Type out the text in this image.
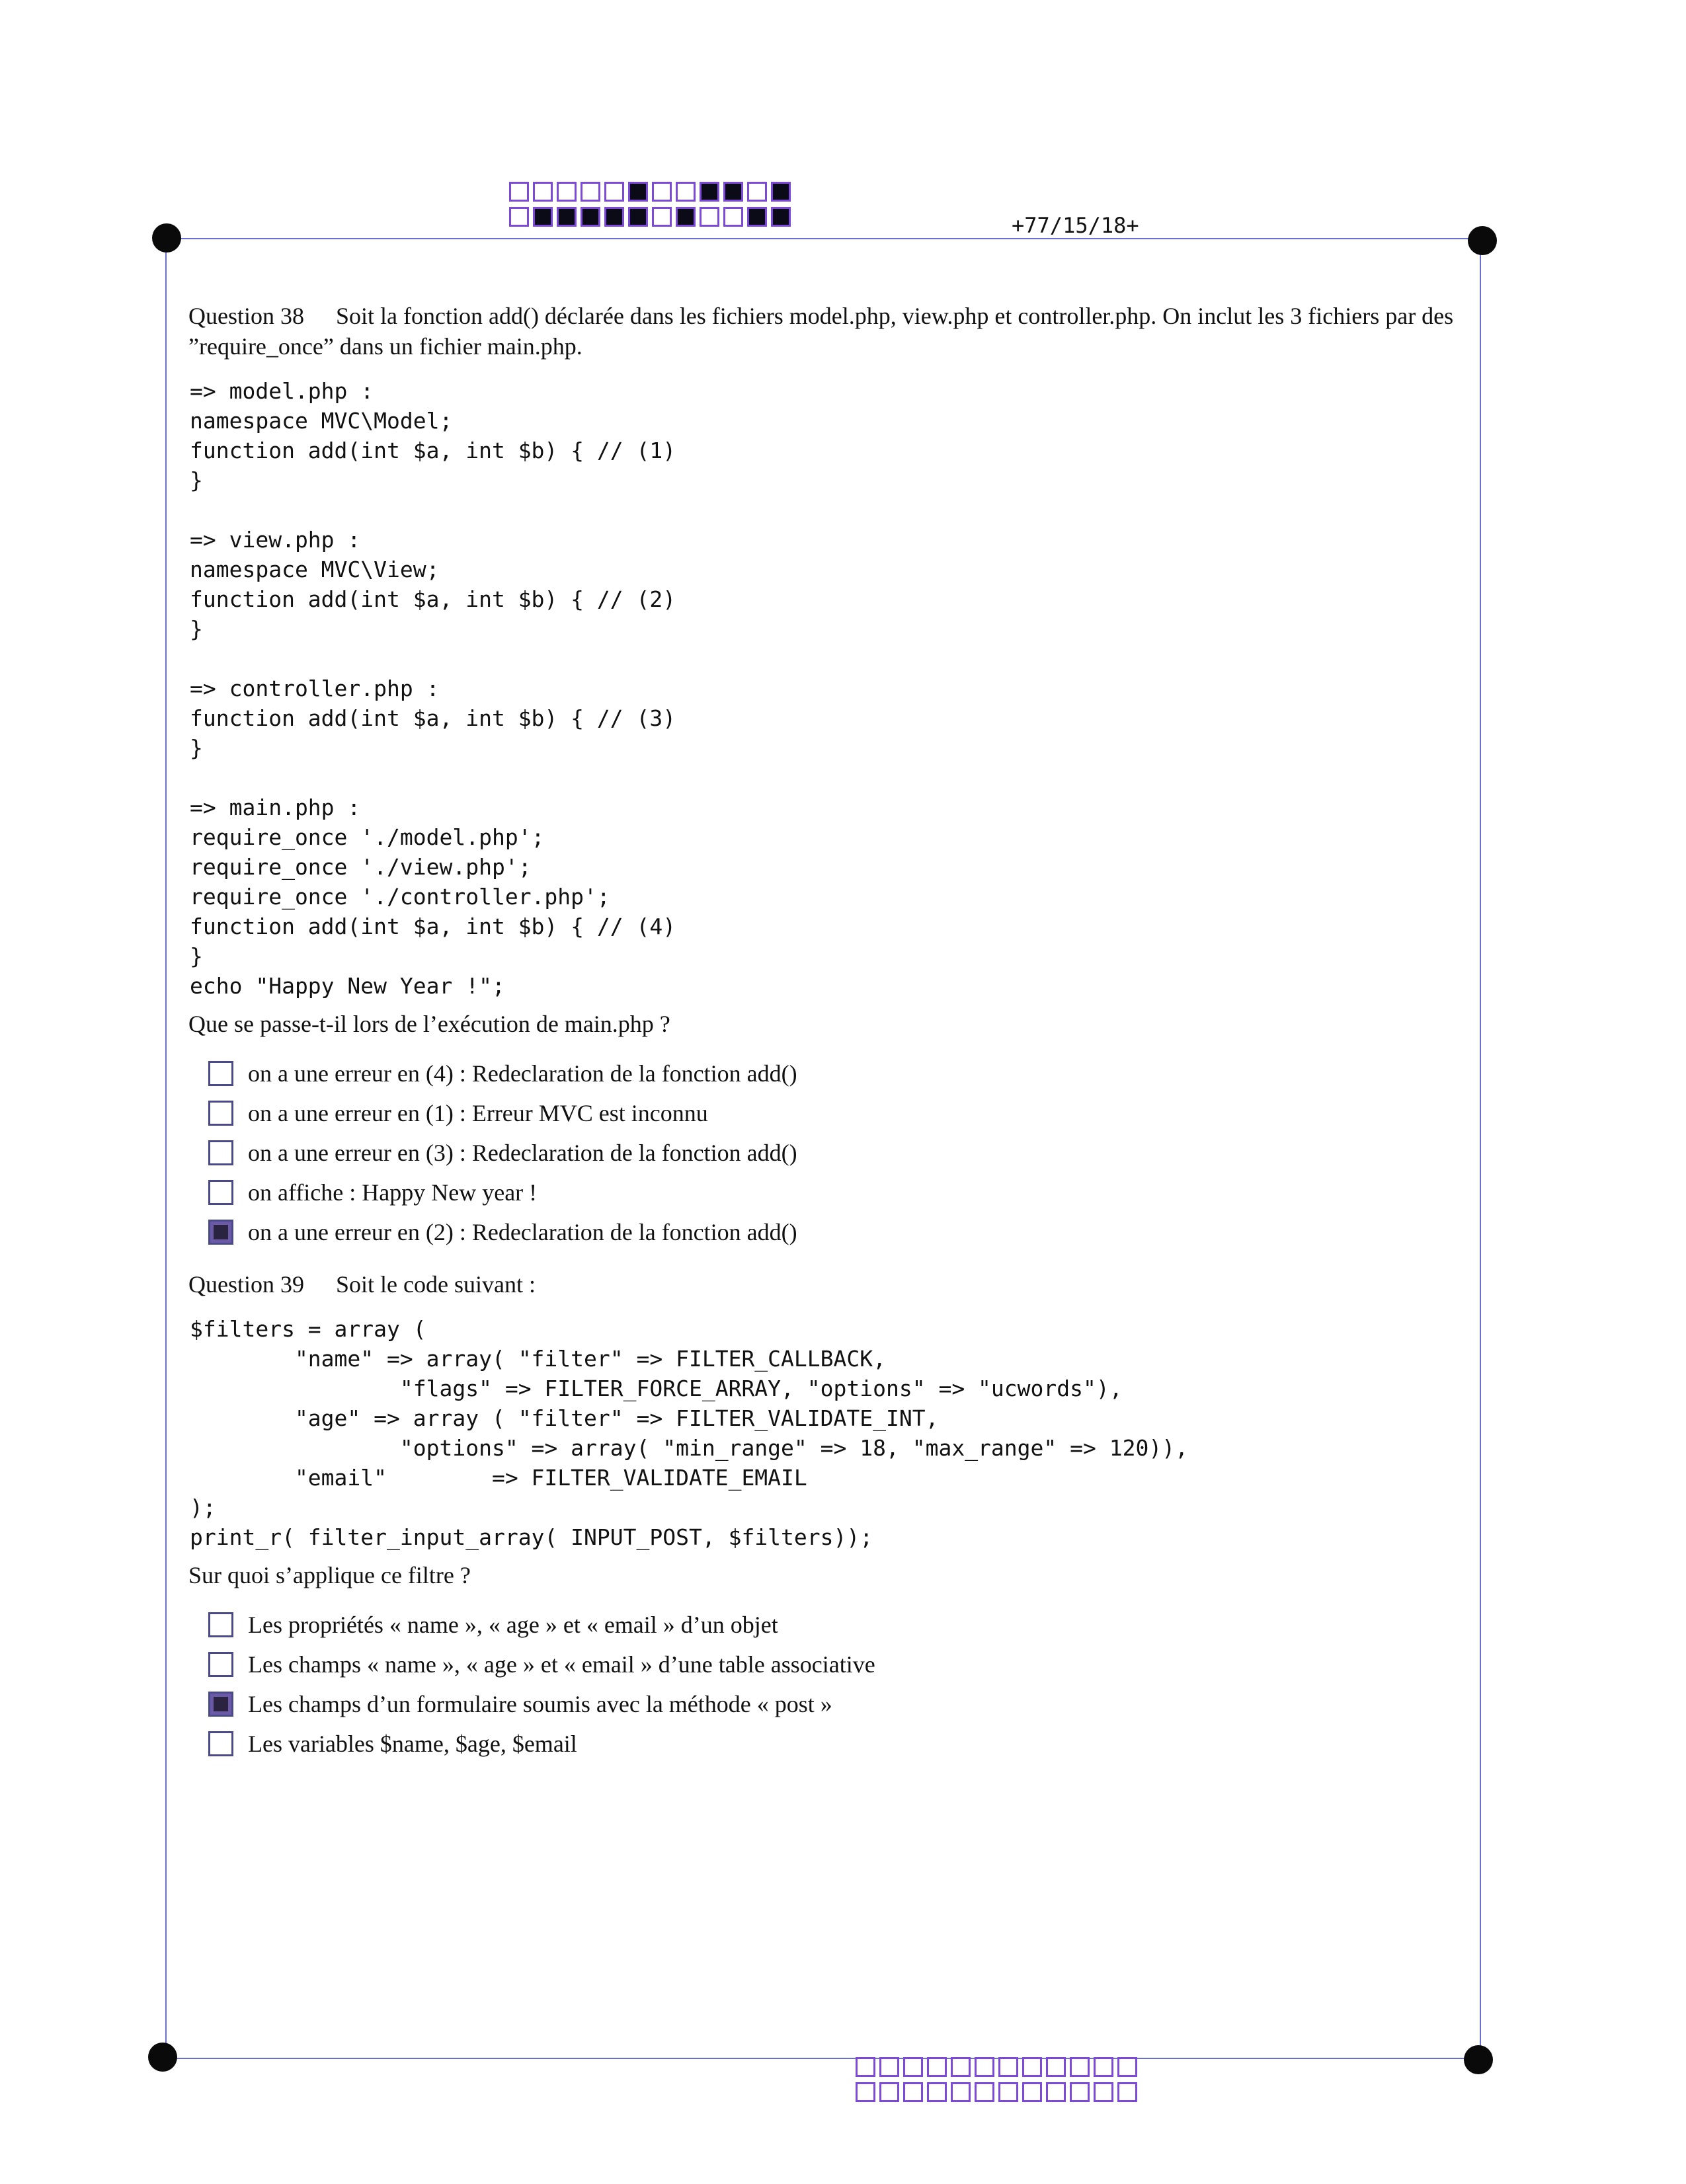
+77/15/18+
Question 38 Soit la fonction add() déclarée dans les fichiers model.php, view.php et controller.php. On inclut les 3 fichiers par des ”require_once” dans un fichier main.php.
=> model.php :
namespace MVC\Model;
function add(int $a, int $b) { // (1)
}
=> view.php :
namespace MVC\View;
function add(int $a, int $b) { // (2)
}
=> controller.php :
function add(int $a, int $b) { // (3)
}
=> main.php :
require_once './model.php';
require_once './view.php';
require_once './controller.php';
function add(int $a, int $b) { // (4)
}
echo "Happy New Year !";
Que se passe-t-il lors de l’exécution de main.php ?
on a une erreur en (4) : Redeclaration de la fonction add()
on a une erreur en (1) : Erreur MVC est inconnu
on a une erreur en (3) : Redeclaration de la fonction add()
on affiche : Happy New year !
on a une erreur en (2) : Redeclaration de la fonction add()
Question 39 Soit le code suivant :
$filters = array (
"name" => array( "filter" => FILTER_CALLBACK,
"flags" => FILTER_FORCE_ARRAY, "options" => "ucwords"),
"age" => array ( "filter" => FILTER_VALIDATE_INT,
"options" => array( "min_range" => 18, "max_range" => 120)),
"email"        => FILTER_VALIDATE_EMAIL
);
print_r( filter_input_array( INPUT_POST, $filters));
Sur quoi s’applique ce filtre ?
Les propriétés « name », « age » et « email » d’un objet
Les champs « name », « age » et « email » d’une table associative
Les champs d’un formulaire soumis avec la méthode « post »
Les variables $name, $age, $email
